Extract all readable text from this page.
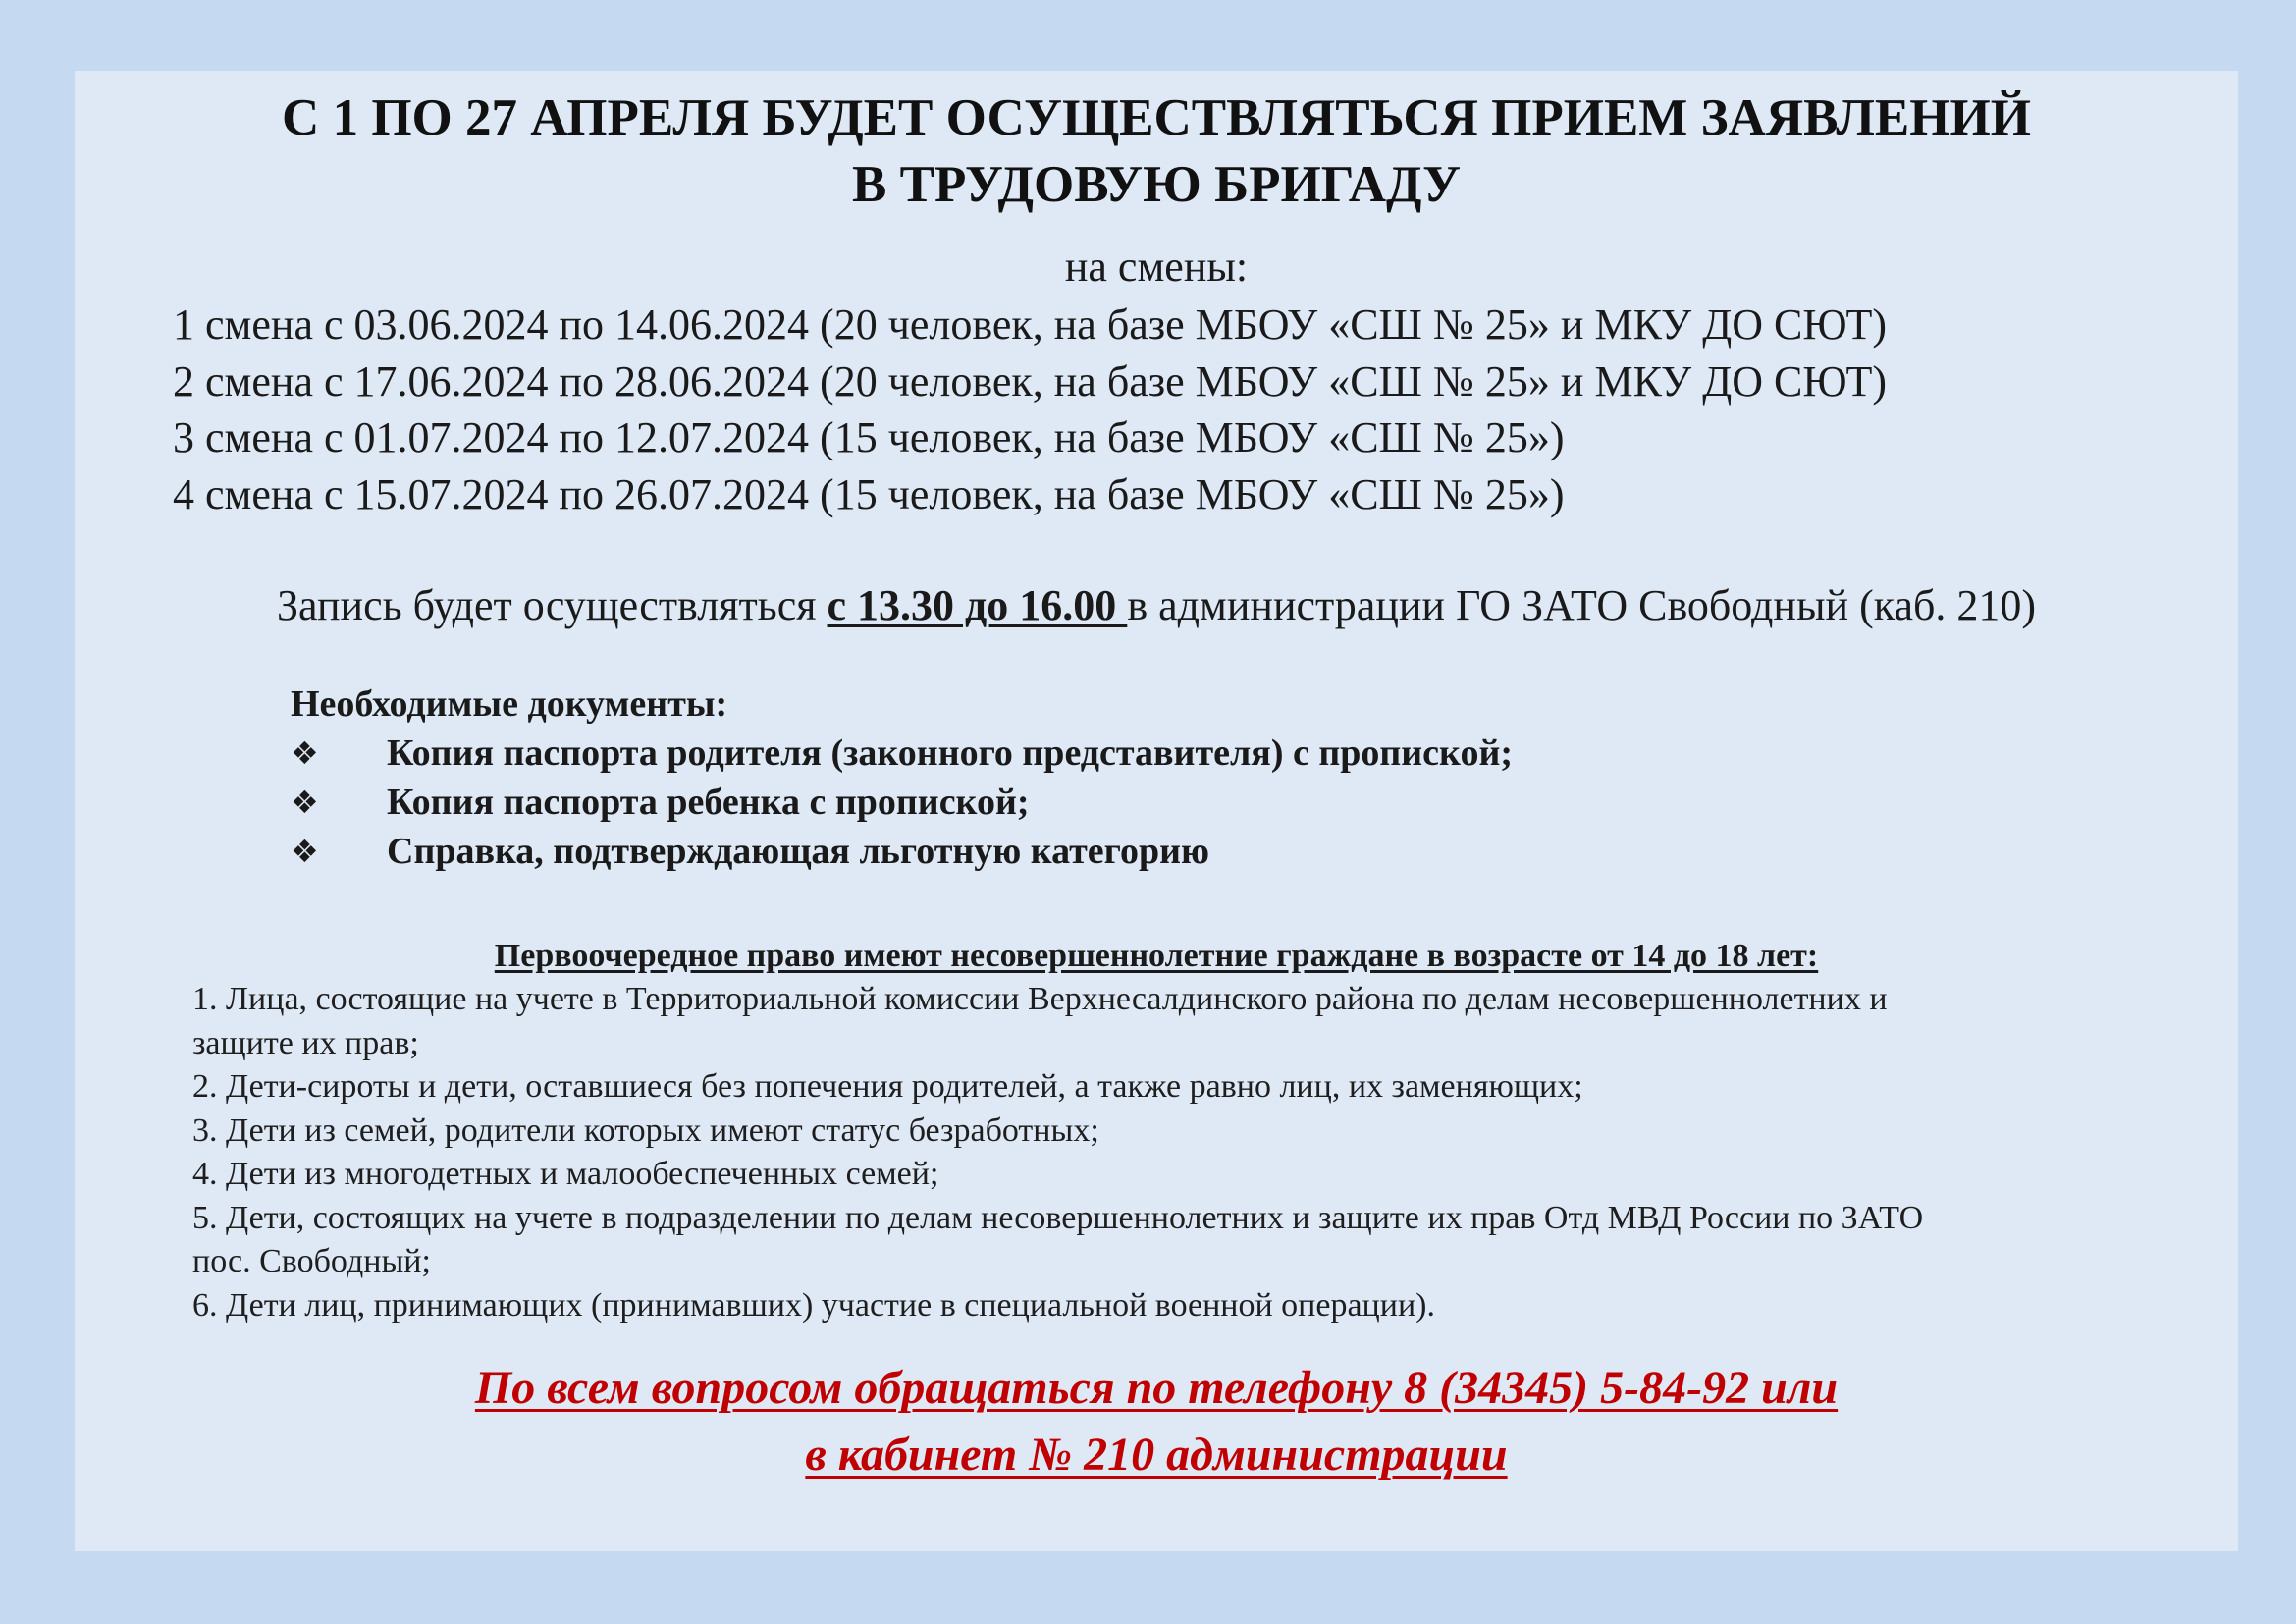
С 1 ПО 27 АПРЕЛЯ БУДЕТ ОСУЩЕСТВЛЯТЬСЯ ПРИЕМ ЗАЯВЛЕНИЙ
В ТРУДОВУЮ БРИГАДУ
на смены:
1 смена с 03.06.2024 по 14.06.2024 (20 человек, на базе МБОУ «СШ № 25» и МКУ ДО СЮТ)
2 смена с 17.06.2024 по 28.06.2024 (20 человек, на базе МБОУ «СШ № 25» и МКУ ДО СЮТ)
3 смена с 01.07.2024 по 12.07.2024 (15 человек, на базе МБОУ «СШ № 25»)
4 смена с 15.07.2024 по 26.07.2024 (15 человек, на базе МБОУ «СШ № 25»)
Запись будет осуществляться с 13.30 до 16.00 в администрации ГО ЗАТО Свободный (каб. 210)
Необходимые документы:
❖ Копия паспорта родителя (законного представителя) с пропиской;
❖ Копия паспорта ребенка с пропиской;
❖ Справка, подтверждающая льготную категорию
Первоочередное право имеют несовершеннолетние граждане в возрасте от 14 до 18 лет:
1. Лица, состоящие на учете в Территориальной комиссии Верхнесалдинского района по делам несовершеннолетних и
защите их прав;
2. Дети-сироты и дети, оставшиеся без попечения родителей, а также равно лиц, их заменяющих;
3. Дети из семей, родители которых имеют статус безработных;
4. Дети из многодетных и малообеспеченных семей;
5. Дети, состоящих на учете в подразделении по делам несовершеннолетних и защите их прав Отд МВД России по ЗАТО
пос. Свободный;
6. Дети лиц, принимающих (принимавших) участие в специальной военной операции).
По всем вопросом обращаться по телефону 8 (34345) 5-84-92 или
в кабинет № 210 администрации
